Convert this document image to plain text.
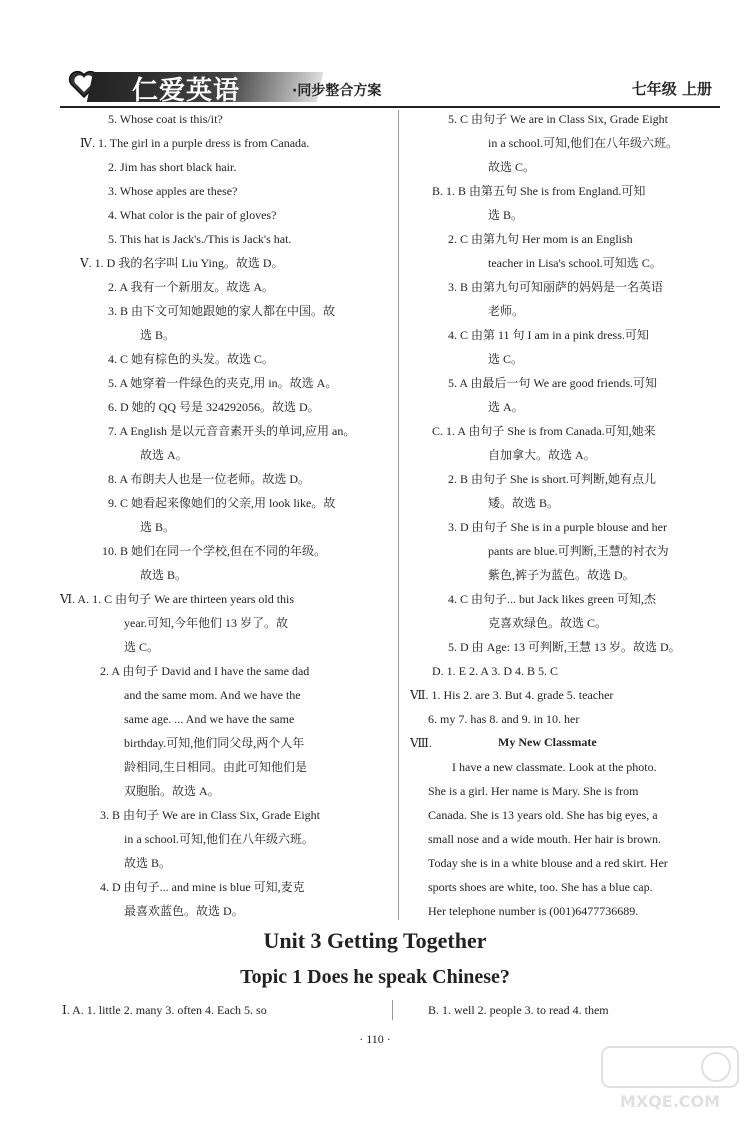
仁爱英语	·同步整合方案	七年级 上册
5. Whose coat is this/it?
Ⅳ. 1. The girl in a purple dress is from Canada.
2. Jim has short black hair.
3. Whose apples are these?
4. What color is the pair of gloves?
5. This hat is Jack's./This is Jack's hat.
Ⅴ. 1. D 我的名字叫 Liu Ying。故选 D。
2. A 我有一个新朋友。故选 A。
3. B 由下文可知她跟她的家人都在中国。故
选 B。
4. C 她有棕色的头发。故选 C。
5. A 她穿着一件绿色的夹克,用 in。故选 A。
6. D 她的 QQ 号是 324292056。故选 D。
7. A English 是以元音音素开头的单词,应用 an。
故选 A。
8. A 布朗夫人也是一位老师。故选 D。
9. C 她看起来像她们的父亲,用 look like。故
选 B。
10. B 她们在同一个学校,但在不同的年级。
故选 B。
Ⅵ. A. 1. C 由句子 We are thirteen years old this
year.可知,今年他们 13 岁了。故
选 C。
2. A 由句子 David and I have the same dad
and the same mom. And we have the
same age. ... And we have the same
birthday.可知,他们同父母,两个人年
龄相同,生日相同。由此可知他们是
双胞胎。故选 A。
3. B 由句子 We are in Class Six, Grade Eight
in a school.可知,他们在八年级六班。
故选 B。
4. D 由句子... and mine is blue 可知,麦克
最喜欢蓝色。故选 D。
5. C 由句子 We are in Class Six, Grade Eight
in a school.可知,他们在八年级六班。
故选 C。
B. 1. B 由第五句 She is from England.可知
选 B。
2. C 由第九句 Her mom is an English
teacher in Lisa's school.可知选 C。
3. B 由第九句可知丽萨的妈妈是一名英语
老师。
4. C 由第 11 句 I am in a pink dress.可知
选 C。
5. A 由最后一句 We are good friends.可知
选 A。
C. 1. A 由句子 She is from Canada.可知,她来
自加拿大。故选 A。
2. B 由句子 She is short.可判断,她有点儿
矮。故选 B。
3. D 由句子 She is in a purple blouse and her
pants are blue.可判断,王慧的衬衣为
紫色,裤子为蓝色。故选 D。
4. C 由句子... but Jack likes green 可知,杰
克喜欢绿色。故选 C。
5. D 由 Age: 13 可判断,王慧 13 岁。故选 D。
D. 1. E 2. A 3. D 4. B 5. C
Ⅶ. 1. His 2. are 3. But 4. grade 5. teacher
6. my 7. has 8. and 9. in 10. her
Ⅷ.
I have a new classmate. Look at the photo.
She is a girl. Her name is Mary. She is from
Canada. She is 13 years old. She has big eyes, a
small nose and a wide mouth. Her hair is brown.
Today she is in a white blouse and a red skirt. Her
sports shoes are white, too. She has a blue cap.
Her telephone number is (001)6477736689.
My New Classmate
Unit 3 Getting Together
Topic 1 Does he speak Chinese?
Ⅰ. A. 1. little 2. many 3. often 4. Each 5. so	B. 1. well 2. people 3. to read 4. them
· 110 ·
MXQE.COM
